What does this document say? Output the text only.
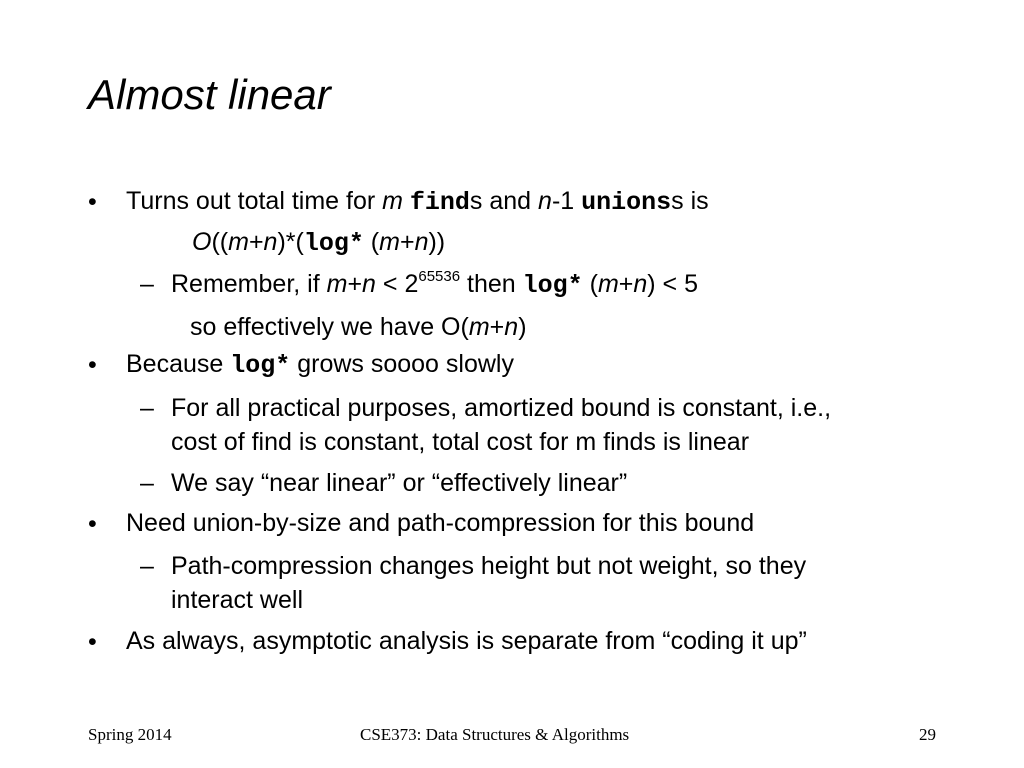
Almost linear
• Turns out total time for m finds and n-1 unionss is
O((m+n)*(log* (m+n))
– Remember, if $m+n < 2^{65536}$ then log* (m+n) < 5
so effectively we have O(m+n)
• Because log* grows soooo slowly
– For all practical purposes, amortized bound is constant, i.e.,
cost of find is constant, total cost for m finds is linear
– We say “near linear” or “effectively linear”
• Need union-by-size and path-compression for this bound
– Path-compression changes height but not weight, so they
interact well
• As always, asymptotic analysis is separate from “coding it up”
Spring 2014	CSE373: Data Structures & Algorithms	29
